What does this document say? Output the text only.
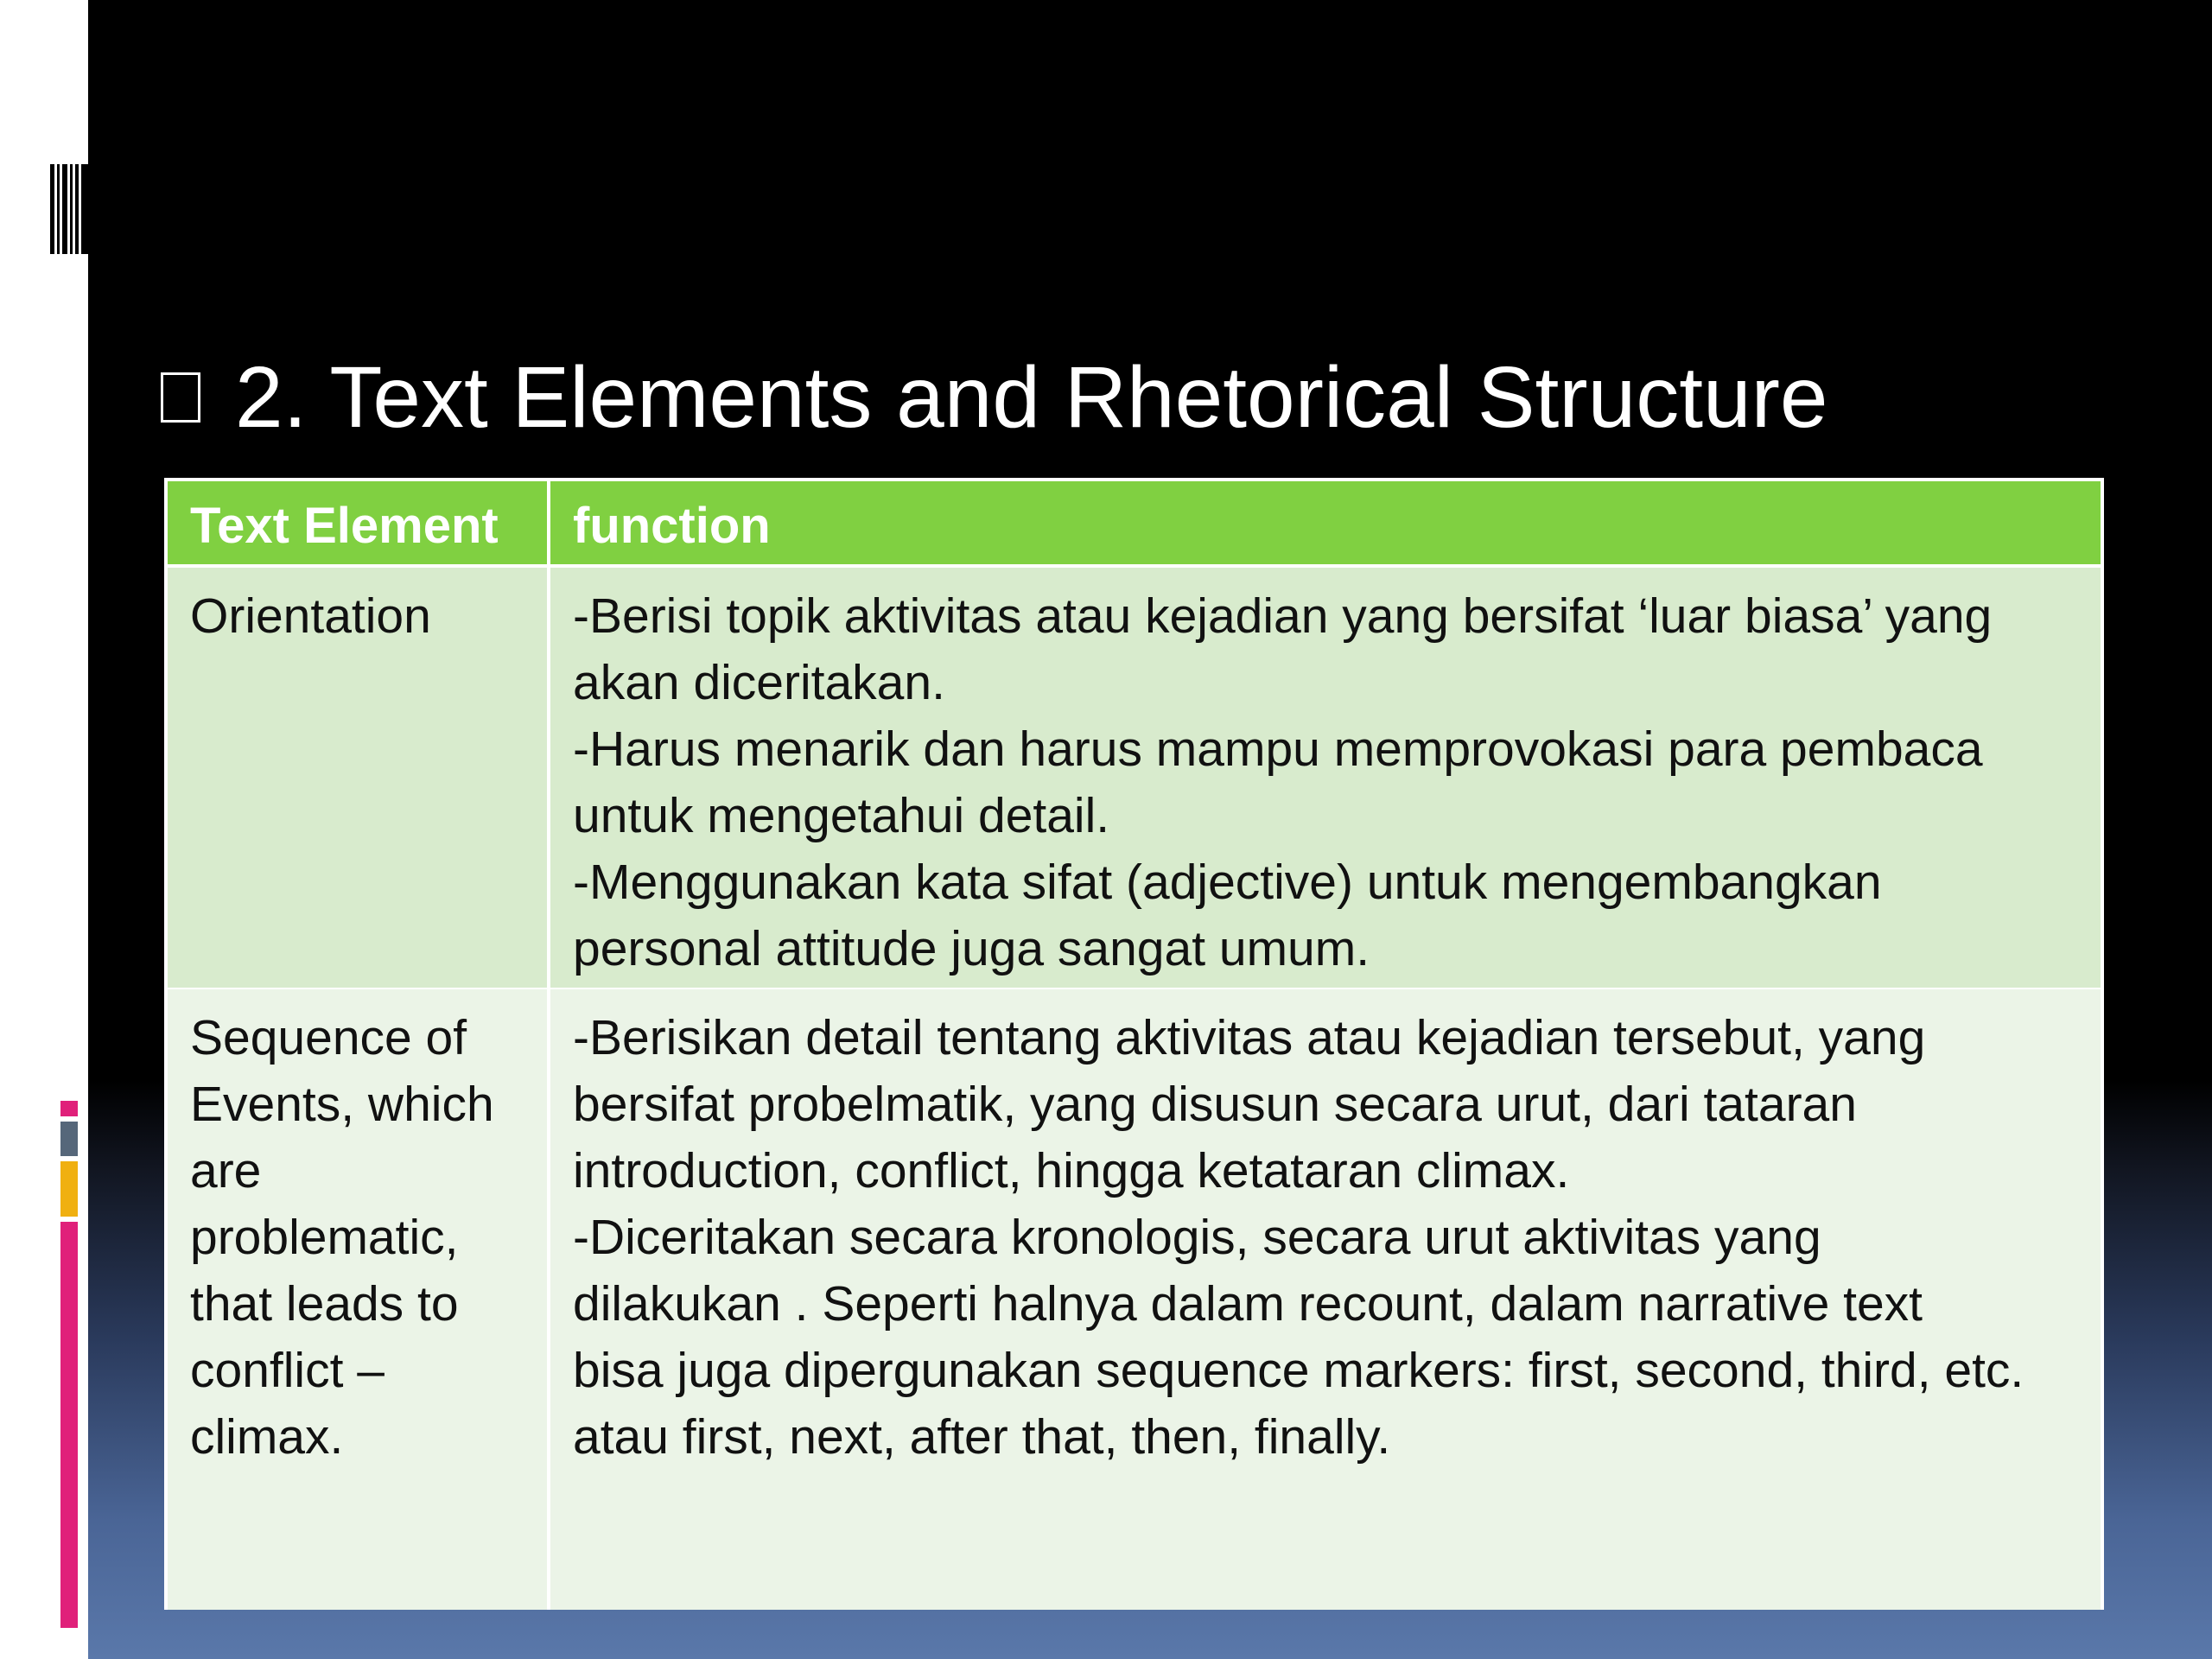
2. Text Elements and Rhetorical Structure
Text Element	function
Orientation	-Berisi topik aktivitas atau kejadian yang bersifat ‘luar biasa’ yang
akan diceritakan.
-Harus menarik dan harus mampu memprovokasi para pembaca
untuk mengetahui detail.
-Menggunakan kata sifat (adjective) untuk mengembangkan
personal attitude juga sangat umum.
Sequence of
Events, which
are
problematic,
that leads to
conflict –
climax.
-Berisikan detail tentang aktivitas atau kejadian tersebut, yang
bersifat probelmatik, yang disusun secara urut, dari tataran
introduction, conflict, hingga ketataran climax.
-Diceritakan secara kronologis, secara urut aktivitas yang
dilakukan . Seperti halnya dalam recount, dalam narrative text
bisa juga dipergunakan sequence markers: first, second, third, etc.
atau first, next, after that, then, finally.
